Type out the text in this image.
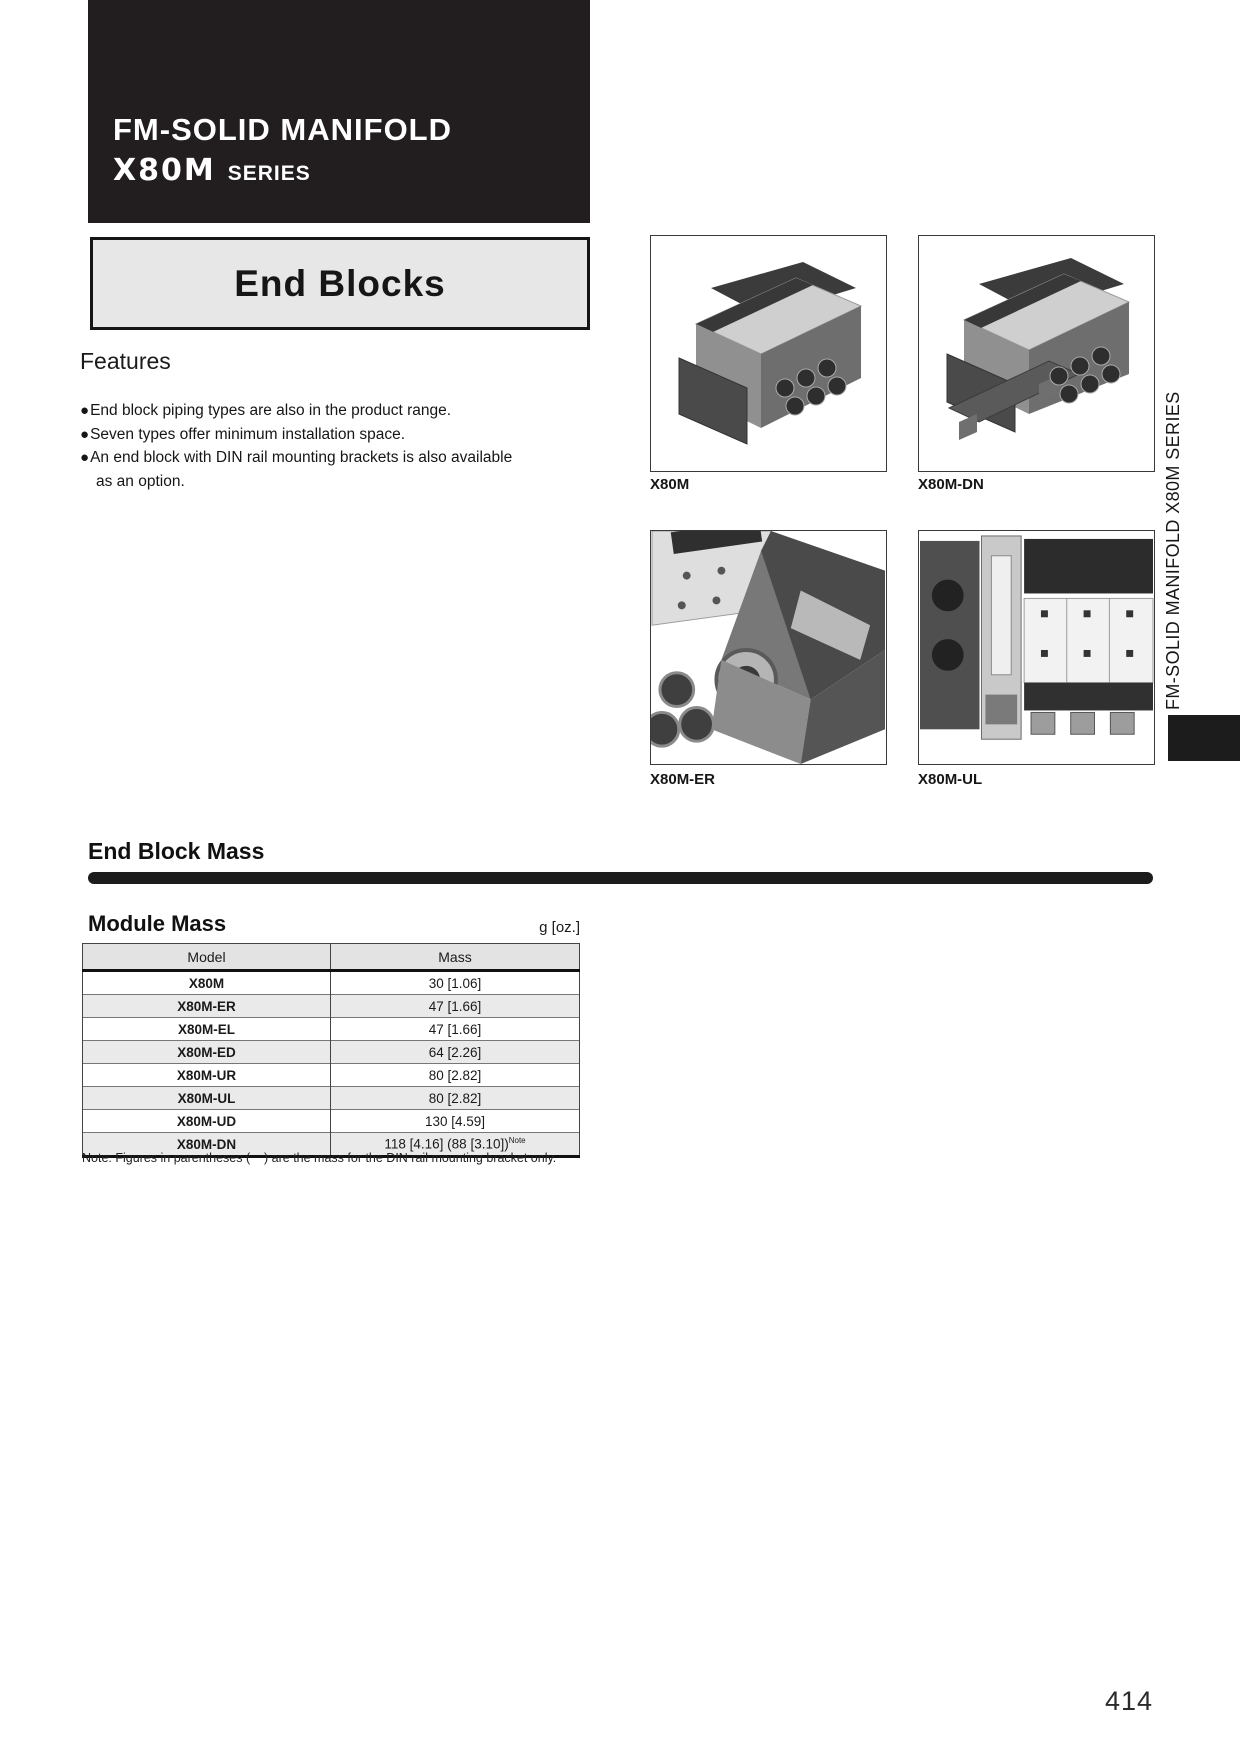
FM-SOLID MANIFOLD
X80M SERIES
End Blocks
Features
● End block piping types are also in the product range.
● Seven types offer minimum installation space.
● An end block with DIN rail mounting brackets is also available
as an option.	X80M	X80M-DN
X80M-ER	X80M-UL
FM-SOLID MANIFOLD X80M SERIES
End Block Mass
Module Mass	g [oz.]
Model	Mass
X80M	30 [1.06]
X80M-ER	47 [1.66]
X80M-EL	47 [1.66]
X80M-ED	64 [2.26]
X80M-UR	80 [2.82]
X80M-UL	80 [2.82]
X80M-UD	130 [4.59]
X80M-DN	118 [4.16] (88 [3.10])$^{Note}$
Note: Figures in parentheses (    ) are the mass for the DIN rail mounting bracket only.
414
